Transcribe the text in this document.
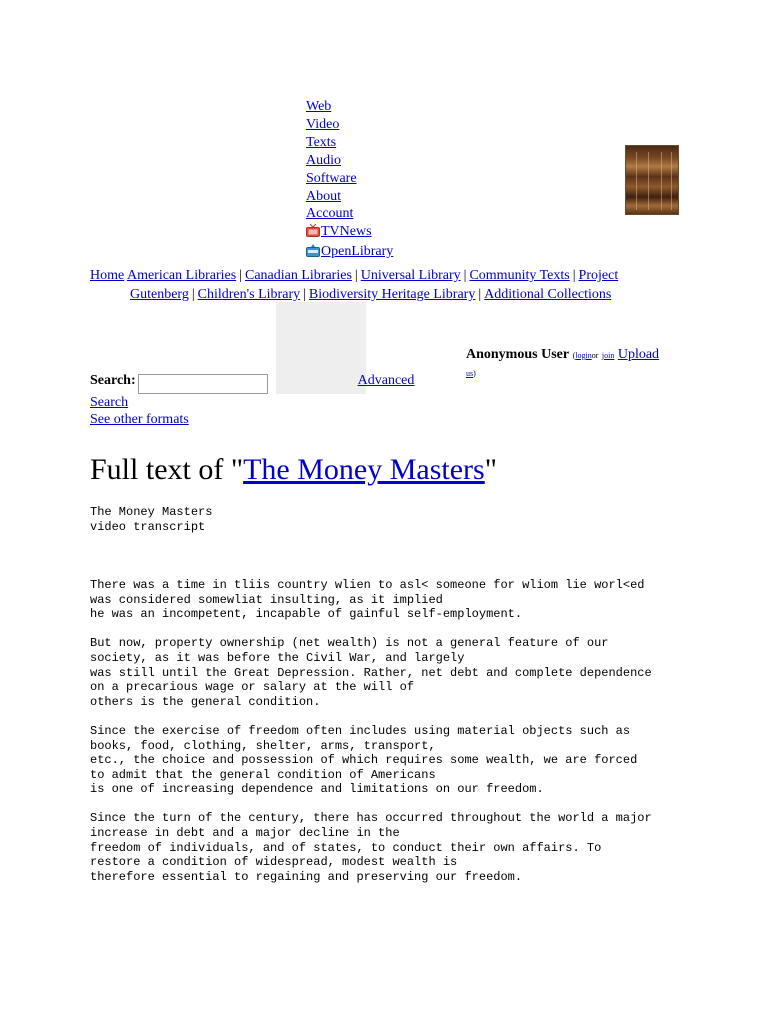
Web
Video
Texts
Audio
Software
About
Account
TVNews
OpenLibrary
Home American Libraries | Canadian Libraries | Universal Library | Community Texts | Project
Gutenberg | Children's Library | Biodiversity Heritage Library | Additional Collections
Anonymous User (loginor join Upload
us)
Search:	Advanced
Search
See other formats
Full text of "The Money Masters"
The Money Masters
video transcript

There was a time in tliis country wlien to asl< someone for wliom lie worl<ed
was considered somewliat insulting, as it implied
he was an incompetent, incapable of gainful self-employment.

But now, property ownership (net wealth) is not a general feature of our
society, as it was before the Civil War, and largely
was still until the Great Depression. Rather, net debt and complete dependence
on a precarious wage or salary at the will of
others is the general condition.

Since the exercise of freedom often includes using material objects such as
books, food, clothing, shelter, arms, transport,
etc., the choice and possession of which requires some wealth, we are forced
to admit that the general condition of Americans
is one of increasing dependence and limitations on our freedom.

Since the turn of the century, there has occurred throughout the world a major
increase in debt and a major decline in the
freedom of individuals, and of states, to conduct their own affairs. To
restore a condition of widespread, modest wealth is
therefore essential to regaining and preserving our freedom.
